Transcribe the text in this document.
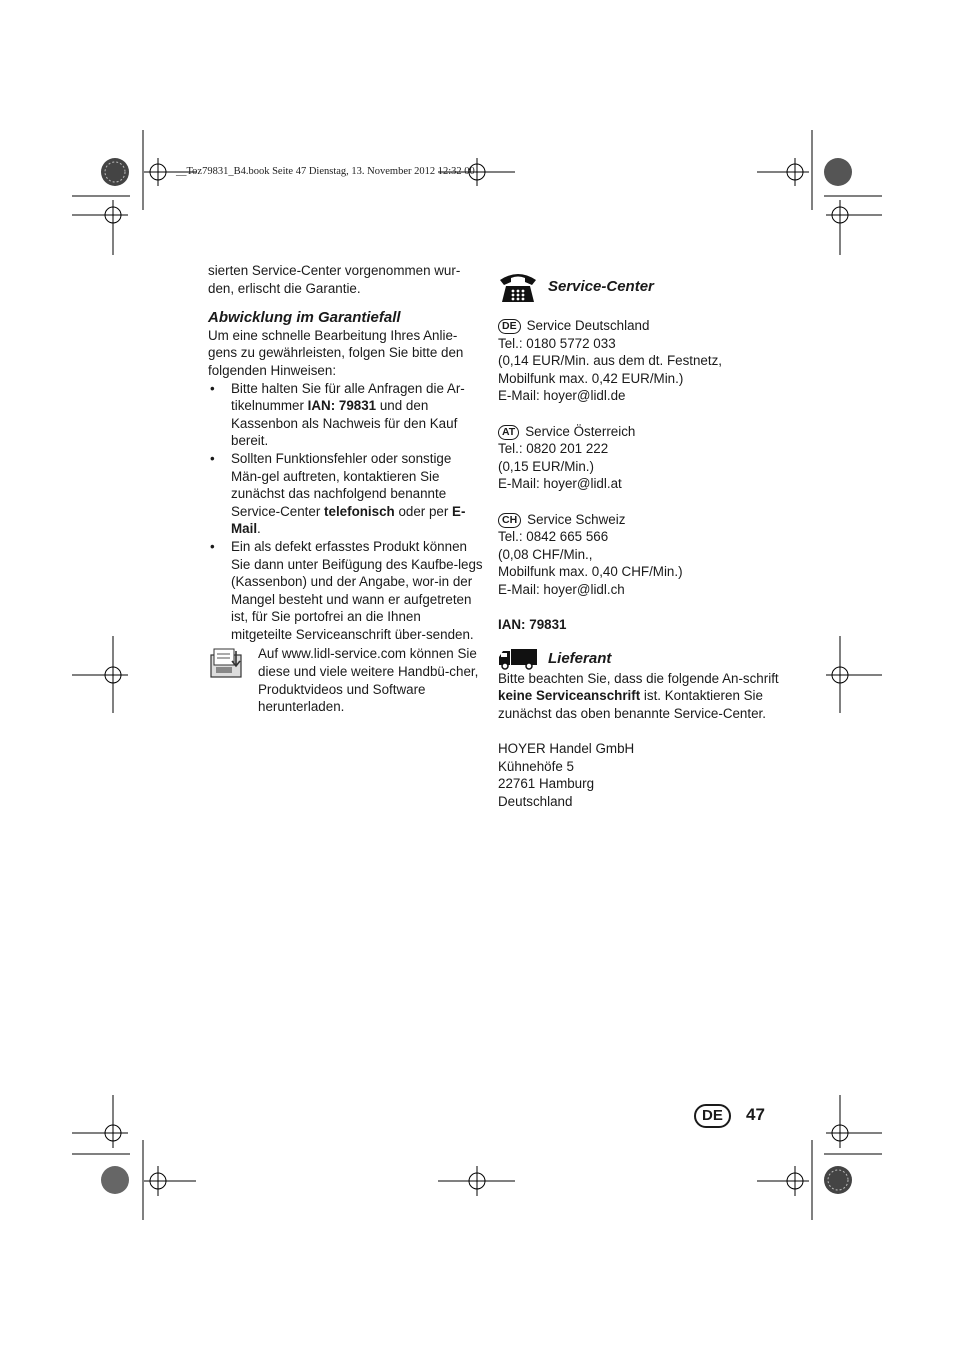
__Toz79831_B4.book Seite 47 Dienstag, 13. November 2012 12:32 00

sierten Service-Center vorgenommen wur-den, erlischt die Garantie.

Abwicklung im Garantiefall

Um eine schnelle Bearbeitung Ihres Anlie-gens zu gewährleisten, folgen Sie bitte den folgenden Hinweisen:

• Bitte halten Sie für alle Anfragen die Ar-tikelnummer IAN: 79831 und den Kassenbon als Nachweis für den Kauf bereit.
• Sollten Funktionsfehler oder sonstige Män-gel auftreten, kontaktieren Sie zunächst das nachfolgend benannte Service-Center telefonisch oder per E-Mail.
• Ein als defekt erfasstes Produkt können Sie dann unter Beifügung des Kaufbe-legs (Kassenbon) und der Angabe, wor-in der Mangel besteht und wann er aufgetreten ist, für Sie portofrei an die Ihnen mitgeteilte Serviceanschrift über-senden.

Auf www.lidl-service.com können Sie diese und viele weitere Handbü-cher, Produktvideos und Software herunterladen.

Service-Center

DE Service Deutschland

Tel.: 0180 5772 033

(0,14 EUR/Min. aus dem dt. Festnetz,

Mobilfunk max. 0,42 EUR/Min.)

E-Mail: hoyer@lidl.de

AT Service Österreich

Tel.: 0820 201 222

(0,15 EUR/Min.)

E-Mail: hoyer@lidl.at

CH Service Schweiz

Tel.: 0842 665 566

(0,08 CHF/Min.,

Mobilfunk max. 0,40 CHF/Min.)

E-Mail: hoyer@lidl.ch

IAN: 79831

Lieferant

Bitte beachten Sie, dass die folgende An-schrift keine Serviceanschrift ist. Kontaktieren Sie zunächst das oben benannte Service-Center.

HOYER Handel GmbH

Kühnehöfe 5

22761 Hamburg

Deutschland

DE	47
